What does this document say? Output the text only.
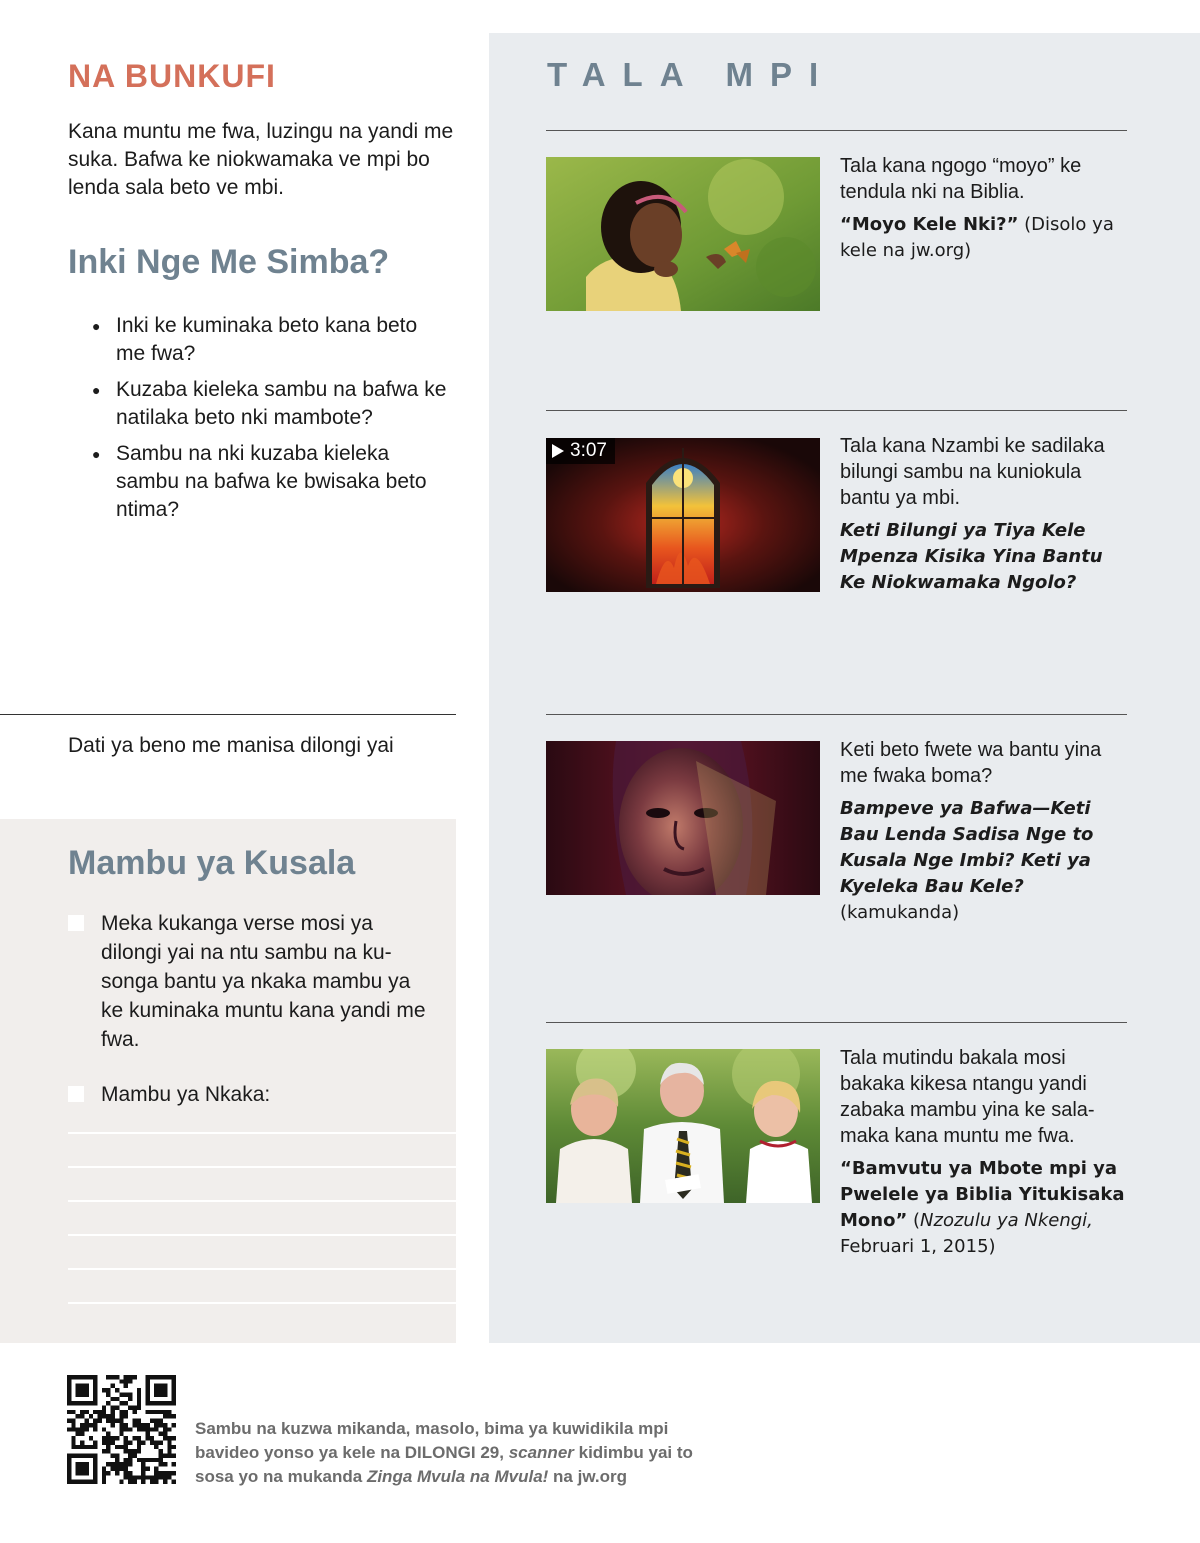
NA BUNKUFI

Kana muntu me fwa, luzingu na yandi me suka. Bafwa ke niokwamaka ve mpi bo lenda sala beto ve mbi.

Inki Nge Me Simba?
● Inki ke kuminaka beto kana beto me fwa?
● Kuzaba kieleka sambu na bafwa ke natilaka beto nki mambote?
● Sambu na nki kuzaba kieleka sambu na bafwa ke bwisaka beto ntima?
Dati ya beno me manisa dilongi yai
Mambu ya Kusala
Meka kukanga verse mosi ya dilongi yai na ntu sambu na ku-songa bantu ya nkaka mambu ya ke kuminaka muntu kana yandi me fwa.
Mambu ya Nkaka:
TALA MPI
Tala kana ngogo “moyo” ke tendula nki na Biblia.
“Moyo Kele Nki?” (Disolo ya kele na jw.org)
3:07	Tala kana Nzambi ke sadilaka bilungi sambu na kuniokula bantu ya mbi.
Keti Bilungi ya Tiya Kele Mpenza Kisika Yina Bantu Ke Niokwamaka Ngolo?
Keti beto fwete wa bantu yina me fwaka boma?
Bampeve ya Bafwa—Keti Bau Lenda Sadisa Nge to Kusala Nge Imbi? Keti ya Kyeleka Bau Kele? (kamukanda)
Tala mutindu bakala mosi bakaka kikesa ntangu yandi zabaka mambu yina ke sala-maka kana muntu me fwa.
“Bamvutu ya Mbote mpi ya Pwelele ya Biblia Yitukisaka Mono” (Nzozulu ya Nkengi, Februari 1, 2015)

Sambu na kuzwa mikanda, masolo, bima ya kuwidikila mpi bavideo yonso ya kele na DILONGI 29, scanner kidimbu yai to sosa yo na mukanda Zinga Mvula na Mvula! na jw.org
